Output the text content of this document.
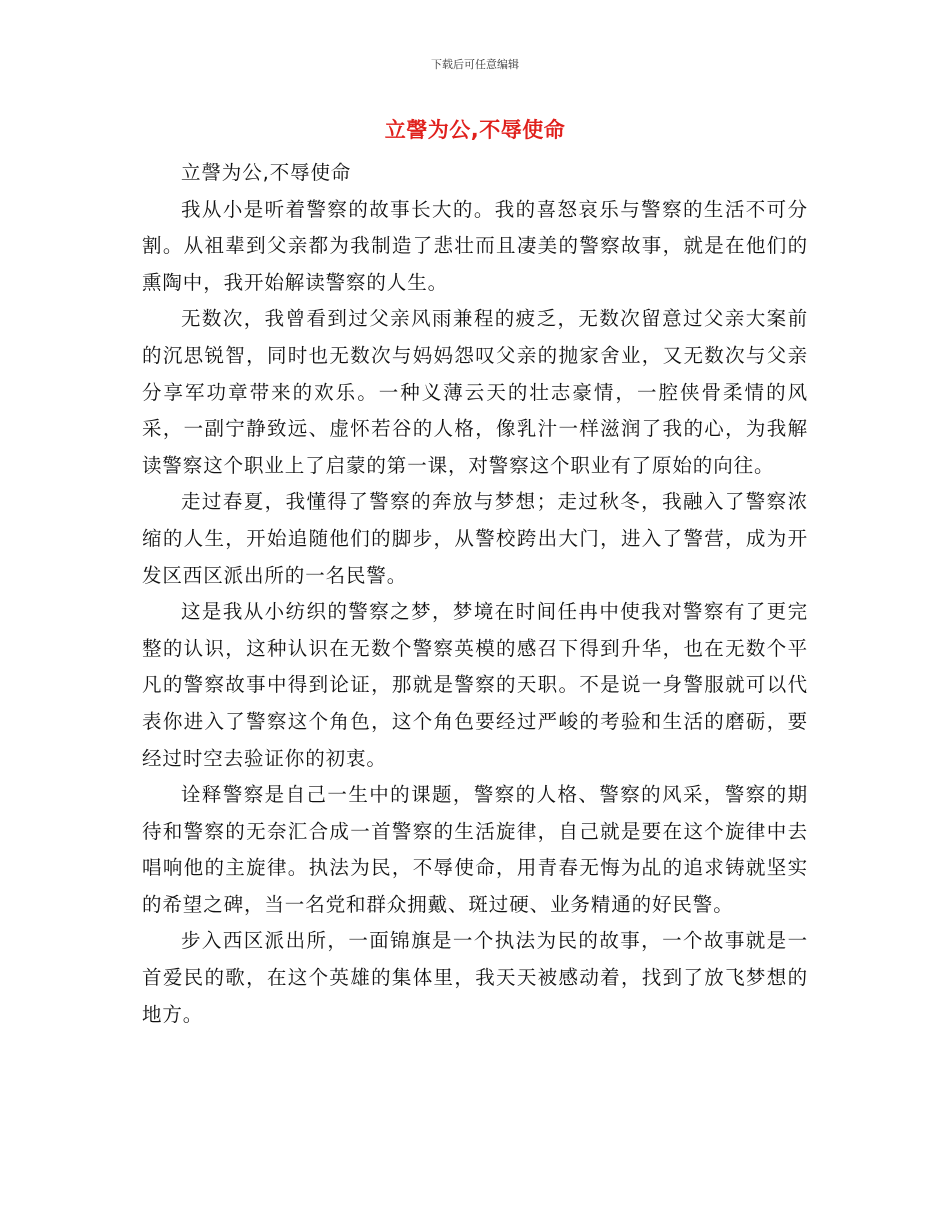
下载后可任意编辑
立謦为公,不辱使命

立謦为公,不辱使命

我从小是听着警察的故事长大的。我的喜怒哀乐与警察的生活不可分割。从祖辈到父亲都为我制造了悲壮而且凄美的警察故事，就是在他们的熏陶中，我开始解读警察的人生。

无数次，我曾看到过父亲风雨兼程的疲乏，无数次留意过父亲大案前的沉思锐智，同时也无数次与妈妈怨叹父亲的抛家舍业，又无数次与父亲分享军功章带来的欢乐。一种义薄云天的壮志豪情，一腔侠骨柔情的风采，一副宁静致远、虚怀若谷的人格，像乳汁一样滋润了我的心，为我解读警察这个职业上了启蒙的第一课，对警察这个职业有了原始的向往。

走过春夏，我懂得了警察的奔放与梦想；走过秋冬，我融入了警察浓缩的人生，开始追随他们的脚步，从警校跨出大门，进入了警营，成为开发区西区派出所的一名民警。

这是我从小纺织的警察之梦，梦境在时间任冉中使我对警察有了更完整的认识，这种认识在无数个警察英模的感召下得到升华，也在无数个平凡的警察故事中得到论证，那就是警察的天职。不是说一身警服就可以代表你进入了警察这个角色，这个角色要经过严峻的考验和生活的磨砺，要经过时空去验证你的初衷。

诠释警察是自己一生中的课题，警察的人格、警察的风采，警察的期待和警察的无奈汇合成一首警察的生活旋律，自己就是要在这个旋律中去唱响他的主旋律。执法为民，不辱使命，用青春无悔为乩的追求铸就坚实的希望之碑，当一名党和群众拥戴、斑过硬、业务精通的好民警。

步入西区派出所，一面锦旗是一个执法为民的故事，一个故事就是一首爱民的歌，在这个英雄的集体里，我天天被感动着，找到了放飞梦想的地方。
